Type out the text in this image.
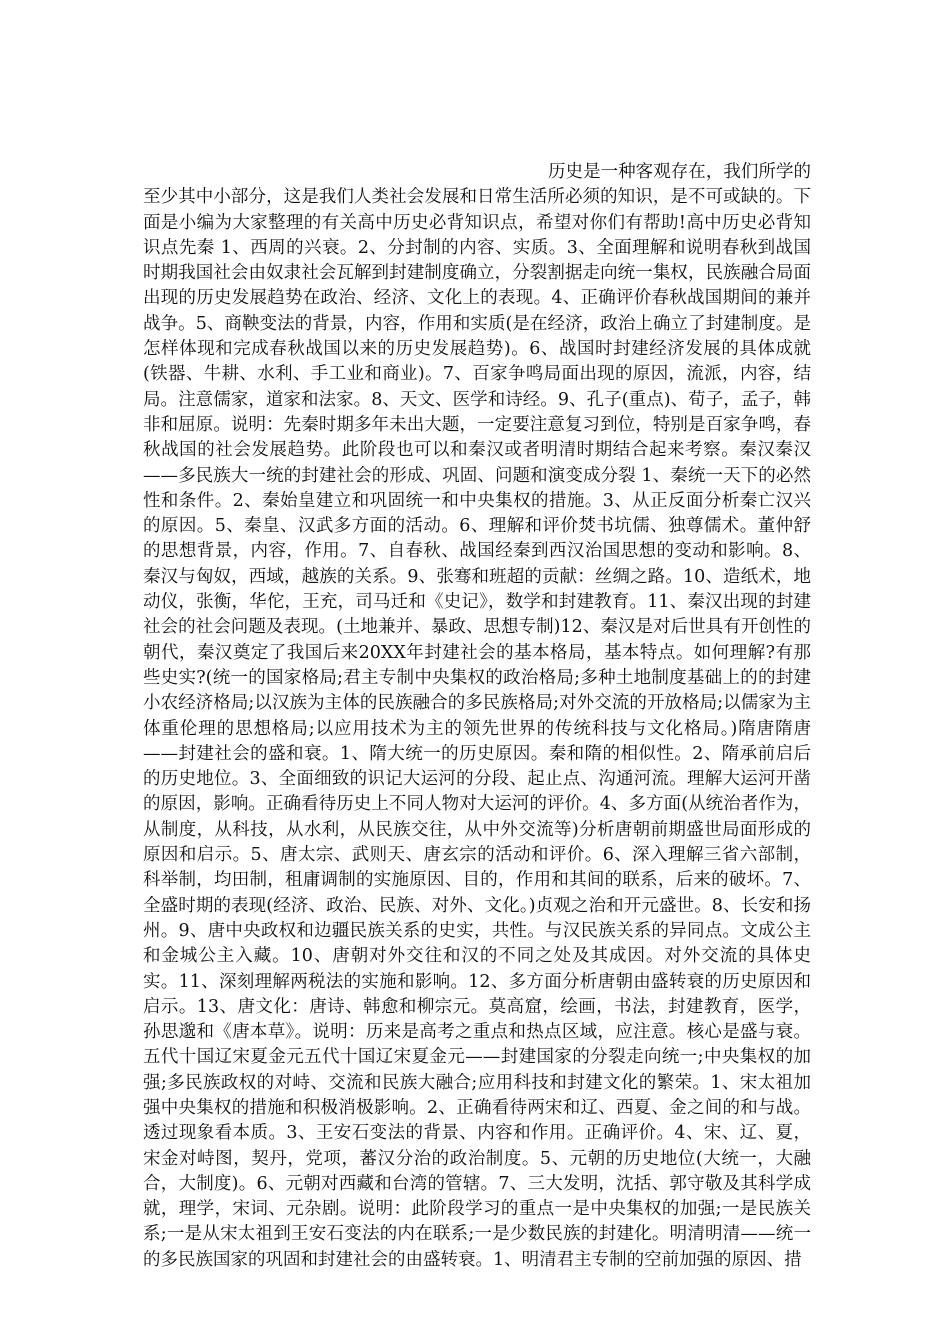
历史是一种客观存在，我们所学的至少其中小部分，这是我们人类社会发展和日常生活所必须的知识，是不可或缺的。下面是小编为大家整理的有关高中历史必背知识点，希望对你们有帮助!高中历史必背知识点先秦 1、西周的兴衰。2、分封制的内容、实质。3、全面理解和说明春秋到战国时期我国社会由奴隶社会瓦解到封建制度确立，分裂割据走向统一集权，民族融合局面出现的历史发展趋势在政治、经济、文化上的表现。4、正确评价春秋战国期间的兼并战争。5、商鞅变法的背景，内容，作用和实质(是在经济，政治上确立了封建制度。是怎样体现和完成春秋战国以来的历史发展趋势)。6、战国时封建经济发展的具体成就(铁器、牛耕、水利、手工业和商业)。7、百家争鸣局面出现的原因，流派，内容，结局。注意儒家，道家和法家。8、天文、医学和诗经。9、孔子(重点)、荀子，孟子，韩非和屈原。说明：先秦时期多年未出大题，一定要注意复习到位，特别是百家争鸣，春秋战国的社会发展趋势。此阶段也可以和秦汉或者明清时期结合起来考察。秦汉秦汉——多民族大一统的封建社会的形成、巩固、问题和演变成分裂 1、秦统一天下的必然性和条件。2、秦始皇建立和巩固统一和中央集权的措施。3、从正反面分析秦亡汉兴的原因。5、秦皇、汉武多方面的活动。6、理解和评价焚书坑儒、独尊儒术。董仲舒的思想背景，内容，作用。7、自春秋、战国经秦到西汉治国思想的变动和影响。8、秦汉与匈奴，西域，越族的关系。9、张骞和班超的贡献：丝绸之路。10、造纸术，地动仪，张衡，华佗，王充，司马迁和《史记》，数学和封建教育。11、秦汉出现的封建社会的社会问题及表现。(土地兼并、暴政、思想专制)12、秦汉是对后世具有开创性的朝代，秦汉奠定了我国后来20XX年封建社会的基本格局，基本特点。如何理解?有那些史实?(统一的国家格局;君主专制中央集权的政治格局;多种土地制度基础上的的封建小农经济格局;以汉族为主体的民族融合的多民族格局;对外交流的开放格局;以儒家为主体重伦理的思想格局;以应用技术为主的领先世界的传统科技与文化格局。)隋唐隋唐——封建社会的盛和衰。1、隋大统一的历史原因。秦和隋的相似性。2、隋承前启后的历史地位。3、全面细致的识记大运河的分段、起止点、沟通河流。理解大运河开凿的原因，影响。正确看待历史上不同人物对大运河的评价。4、多方面(从统治者作为，从制度，从科技，从水利，从民族交往，从中外交流等)分析唐朝前期盛世局面形成的原因和启示。5、唐太宗、武则天、唐玄宗的活动和评价。6、深入理解三省六部制，科举制，均田制，租庸调制的实施原因、目的，作用和其间的联系，后来的破坏。7、全盛时期的表现(经济、政治、民族、对外、文化。)贞观之治和开元盛世。8、长安和扬州。9、唐中央政权和边疆民族关系的史实，共性。与汉民族关系的异同点。文成公主和金城公主入藏。10、唐朝对外交往和汉的不同之处及其成因。对外交流的具体史实。11、深刻理解两税法的实施和影响。12、多方面分析唐朝由盛转衰的历史原因和启示。13、唐文化：唐诗、韩愈和柳宗元。莫高窟，绘画，书法，封建教育，医学，孙思邈和《唐本草》。说明：历来是高考之重点和热点区域，应注意。核心是盛与衰。五代十国辽宋夏金元五代十国辽宋夏金元——封建国家的分裂走向统一;中央集权的加强;多民族政权的对峙、交流和民族大融合;应用科技和封建文化的繁荣。1、宋太祖加强中央集权的措施和积极消极影响。2、正确看待两宋和辽、西夏、金之间的和与战。透过现象看本质。3、王安石变法的背景、内容和作用。正确评价。4、宋、辽、夏，宋金对峙图，契丹，党项，蕃汉分治的政治制度。5、元朝的历史地位(大统一，大融合，大制度)。6、元朝对西藏和台湾的管辖。7、三大发明，沈括、郭守敬及其科学成就，理学，宋词、元杂剧。说明：此阶段学习的重点一是中央集权的加强;一是民族关系;一是从宋太祖到王安石变法的内在联系;一是少数民族的封建化。明清明清——统一的多民族国家的巩固和封建社会的由盛转衰。1、明清君主专制的空前加强的原因、措
